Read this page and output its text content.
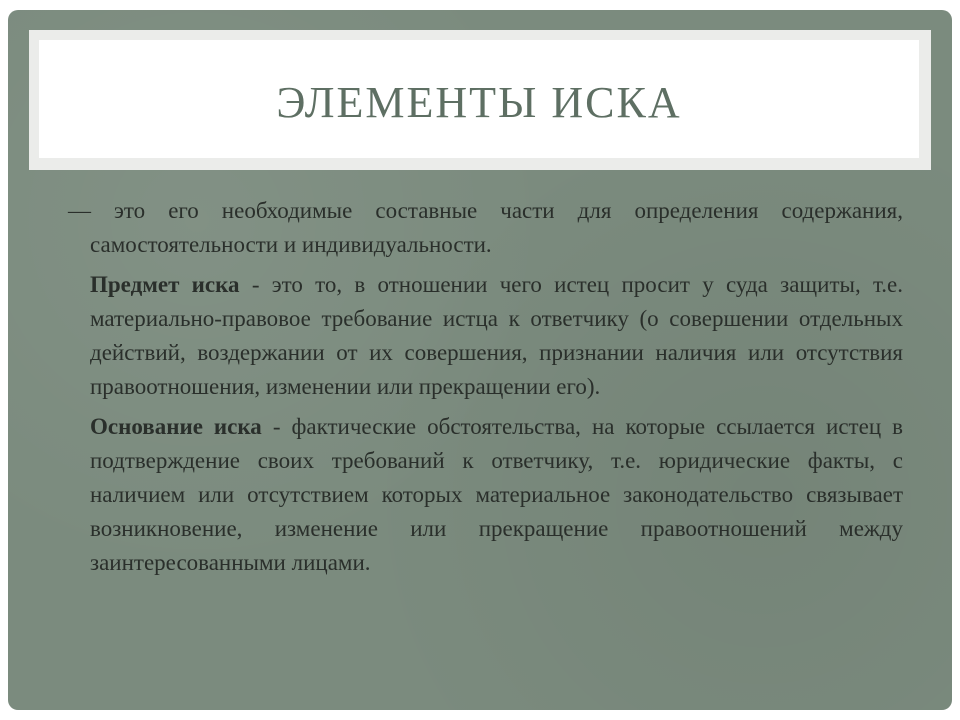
ЭЛЕМЕНТЫ ИСКА

— это его необходимые составные части для определения содержания, самостоятельности и индивидуальности.

Предмет иска - это то, в отношении чего истец просит у суда защиты, т.е. материально-правовое требование истца к ответчику (о совершении отдельных действий, воздержании от их совершения, признании наличия или отсутствия правоотношения, изменении или прекращении его).

Основание иска - фактические обстоятельства, на которые ссылается истец в подтверждение своих требований к ответчику, т.е. юридические факты, с наличием или отсутствием которых материальное законодательство связывает возникновение, изменение или прекращение правоотношений между заинтересованными лицами.
